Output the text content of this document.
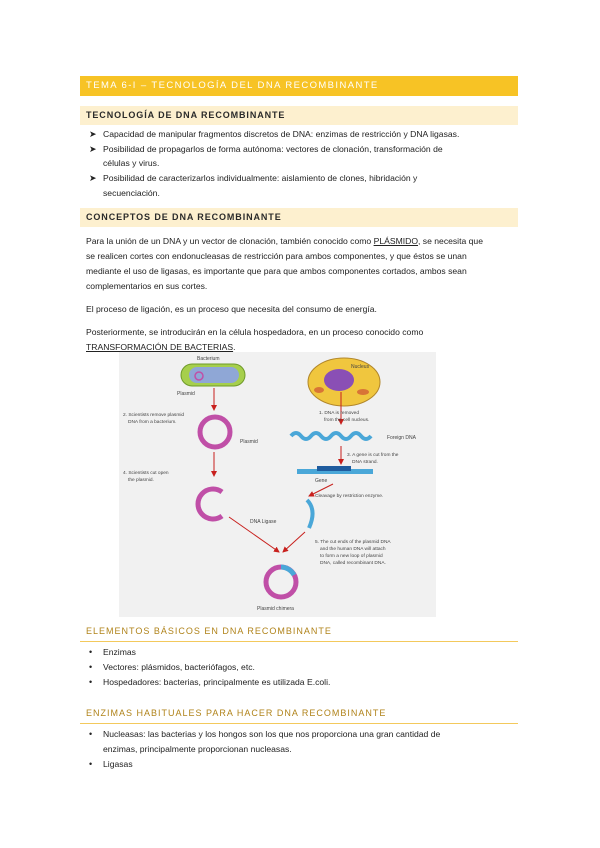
TEMA 6-I – TECNOLOGÍA DEL DNA RECOMBINANTE
TECNOLOGÍA DE DNA RECOMBINANTE
➤ Capacidad de manipular fragmentos discretos de DNA: enzimas de restricción y DNA ligasas.
➤ Posibilidad de propagarlos de forma autónoma: vectores de clonación, transformación de
células y virus.
➤ Posibilidad de caracterizarlos individualmente: aislamiento de clones, hibridación y
secuenciación.
CONCEPTOS DE DNA RECOMBINANTE
Para la unión de un DNA y un vector de clonación, también conocido como PLÁSMIDO, se necesita que
se realicen cortes con endonucleasas de restricción para ambos componentes, y que éstos se unan
mediante el uso de ligasas, es importante que para que ambos componentes cortados, ambos sean
complementarios en sus cortes.
El proceso de ligación, es un proceso que necesita del consumo de energía.
Posteriormente, se introducirán en la célula hospedadora, en un proceso conocido como
TRANSFORMACIÓN DE BACTERIAS.
Bacterium
Plasmid
2. Scientists remove plasmid
DNA from a bacterium.
Plasmid
4. Scientists cut open
the plasmid.
Nucleus
1. DNA is removed
from the cell nucleus.
Foreign DNA
3. A gene is cut from the
DNA strand.
Gene
Cleavage by restriction enzyme.
DNA Ligase
5. The cut ends of the plasmid DNA
and the human DNA will attach
to form a new loop of plasmid
DNA, called recombinant DNA.
Plasmid chimera
ELEMENTOS BÁSICOS EN DNA RECOMBINANTE
• Enzimas
• Vectores: plásmidos, bacteriófagos, etc.
• Hospedadores: bacterias, principalmente es utilizada E.coli.
ENZIMAS HABITUALES PARA HACER DNA RECOMBINANTE
• Nucleasas: las bacterias y los hongos son los que nos proporciona una gran cantidad de
enzimas, principalmente proporcionan nucleasas.
• Ligasas
